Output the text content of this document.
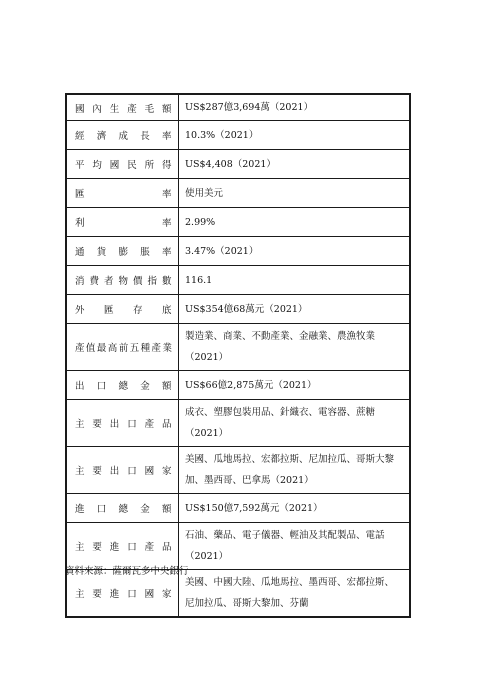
國內生產毛額	US$287億3,694萬（2021）

經濟成長率	10.3%（2021）

平均國民所得	US$4,408（2021）

匯率	使用美元

利率	2.99%

通貨膨脹率	3.47%（2021）

消費者物價指數	116.1

外匯存底	US$354億68萬元（2021）

產值最高前五種產業	製造業、商業、不動產業、金融業、農漁牧業（2021）

出口總金額	US$66億2,875萬元（2021）

主要出口產品	成衣、塑膠包裝用品、針織衣、電容器、蔗糖（2021）

主要出口國家	美國、瓜地馬拉、宏都拉斯、尼加拉瓜、哥斯大黎加、墨西哥、巴拿馬（2021）

進口總金額	US$150億7,592萬元（2021）

主要進口產品	石油、藥品、電子儀器、輕油及其配製品、電話（2021）

主要進口國家	美國、中國大陸、瓜地馬拉、墨西哥、宏都拉斯、尼加拉瓜、哥斯大黎加、芬蘭
資料來源：薩爾瓦多中央銀行
